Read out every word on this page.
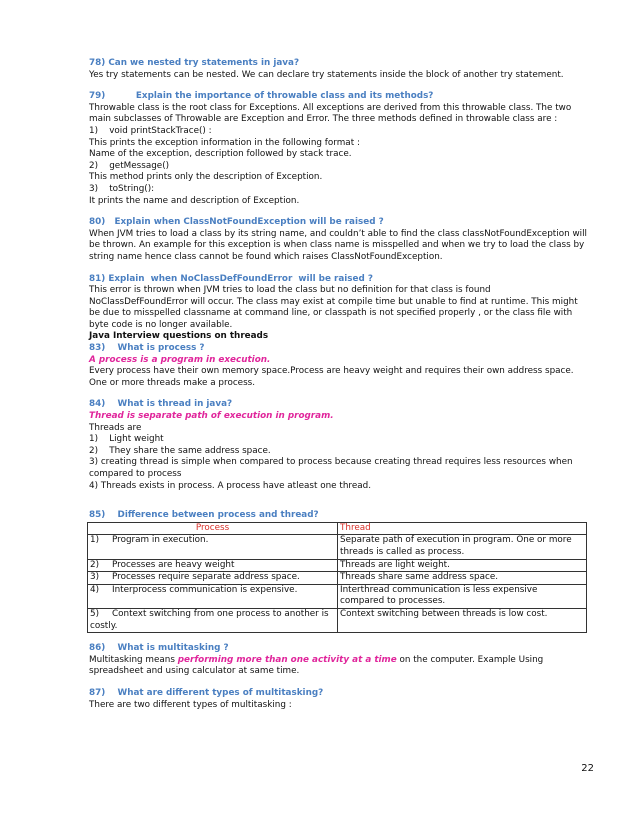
78) Can we nested try statements in java?
Yes try statements can be nested. We can declare try statements inside the block of another try statement.
79)          Explain the importance of throwable class and its methods?
Throwable class is the root class for Exceptions. All exceptions are derived from this throwable class. The two main subclasses of Throwable are Exception and Error. The three methods defined in throwable class are :
1)    void printStackTrace() :
This prints the exception information in the following format :
Name of the exception, description followed by stack trace.
2)    getMessage()
This method prints only the description of Exception.
3)    toString():
It prints the name and description of Exception.
80)   Explain when ClassNotFoundException will be raised ?
When JVM tries to load a class by its string name, and couldn’t able to find the class classNotFoundException will be thrown. An example for this exception is when class name is misspelled and when we try to load the class by string name hence class cannot be found which raises ClassNotFoundException.
81) Explain  when NoClassDefFoundError  will be raised ?
This error is thrown when JVM tries to load the class but no definition for that class is found NoClassDefFoundError will occur. The class may exist at compile time but unable to find at runtime. This might be due to misspelled classname at command line, or classpath is not specified properly , or the class file with byte code is no longer available.
Java Interview questions on threads
83)    What is process ?
A process is a program in execution.
Every process have their own memory space.Process are heavy weight and requires their own address space. One or more threads make a process.
84)    What is thread in java?
Thread is separate path of execution in program.
Threads are
1)    Light weight
2)    They share the same address space.
3) creating thread is simple when compared to process because creating thread requires less resources when compared to process
4) Threads exists in process. A process have atleast one thread.
85)    Difference between process and thread?
Process	Thread
1) Program in execution.	Separate path of execution in program. One or more threads is called as process.
2) Processes are heavy weight	Threads are light weight.
3) Processes require separate address space.	Threads share same address space.
4) Interprocess communication is expensive.	Interthread communication is less expensive compared to processes.
5) Context switching from one process to another is costly.	Context switching between threads is low cost.
86)    What is multitasking ?
Multitasking means performing more than one activity at a time on the computer. Example Using spreadsheet and using calculator at same time.
87)    What are different types of multitasking?
There are two different types of multitasking :
22
